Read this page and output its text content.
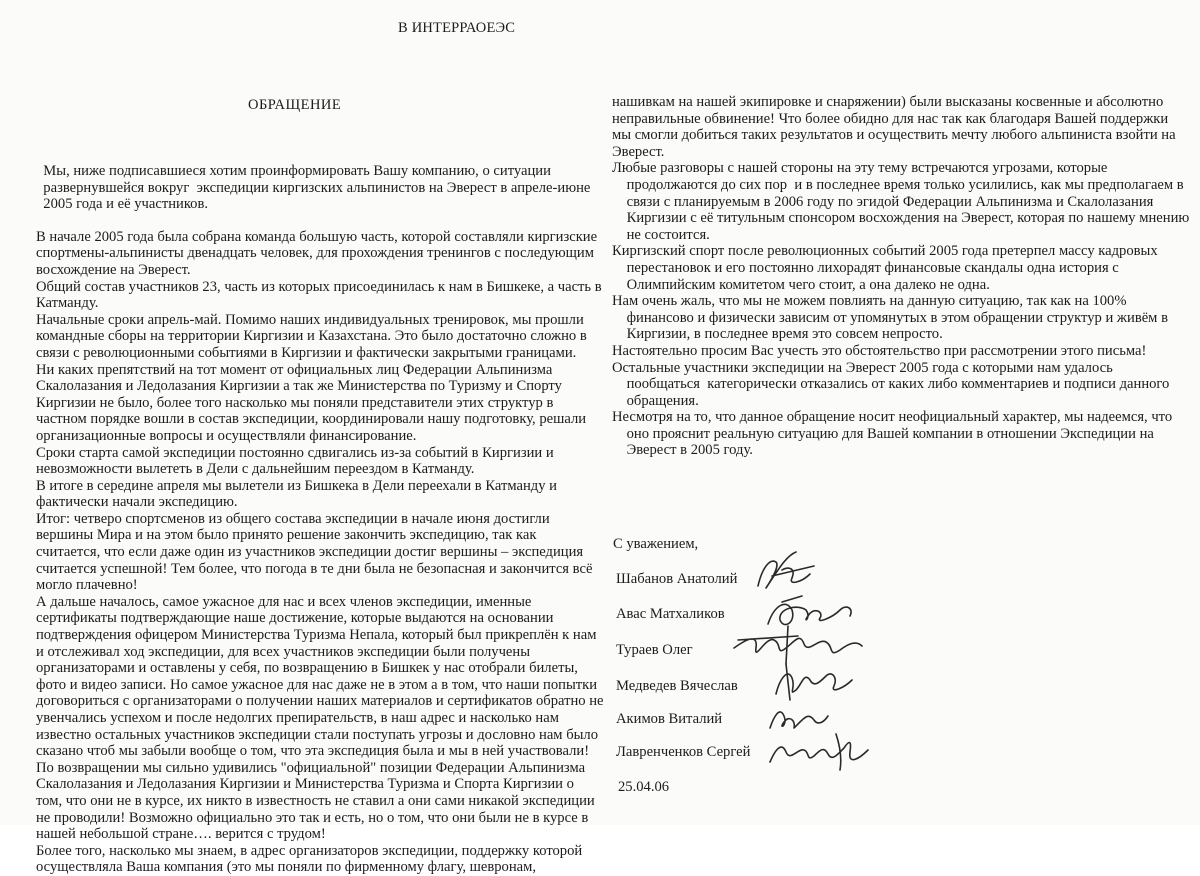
В ИНТЕРРАОЕЭС
ОБРАЩЕНИЕ
Мы, ниже подписавшиеся хотим проинформировать Вашу компанию, о ситуации
развернувшейся вокруг  экспедиции киргизских альпинистов на Эверест в апреле-июне
2005 года и её участников.
В начале 2005 года была собрана команда большую часть, которой составляли киргизские
спортмены-альпинисты двенадцать человек, для прохождения тренингов с последующим
восхождение на Эверест.
Общий состав участников 23, часть из которых присоединилась к нам в Бишкеке, а часть в
Катманду.
Начальные сроки апрель-май. Помимо наших индивидуальных тренировок, мы прошли
командные сборы на территории Киргизии и Казахстана. Это было достаточно сложно в
связи с революционными событиями в Киргизии и фактически закрытыми границами.
Ни каких препятствий на тот момент от официальных лиц Федерации Альпинизма
Скалолазания и Ледолазания Киргизии а так же Министерства по Туризму и Спорту
Киргизии не было, более того насколько мы поняли представители этих структур в
частном порядке вошли в состав экспедиции, координировали нашу подготовку, решали
организационные вопросы и осуществляли финансирование.
Сроки старта самой экспедиции постоянно сдвигались из-за событий в Киргизии и
невозможности вылететь в Дели с дальнейшим переездом в Катманду.
В итоге в середине апреля мы вылетели из Бишкека в Дели переехали в Катманду и
фактически начали экспедицию.
Итог: четверо спортсменов из общего состава экспедиции в начале июня достигли
вершины Мира и на этом было принято решение закончить экспедицию, так как
считается, что если даже один из участников экспедиции достиг вершины – экспедиция
считается успешной! Тем более, что погода в те дни была не безопасная и закончится всё
могло плачевно!
А дальше началось, самое ужасное для нас и всех членов экспедиции, именные
сертификаты подтверждающие наше достижение, которые выдаются на основании
подтверждения офицером Министерства Туризма Непала, который был прикреплён к нам
и отслеживал ход экспедиции, для всех участников экспедиции были получены
организаторами и оставлены у себя, по возвращению в Бишкек у нас отобрали билеты,
фото и видео записи. Но самое ужасное для нас даже не в этом а в том, что наши попытки
договориться с организаторами о получении наших материалов и сертификатов обратно не
увенчались успехом и после недолгих препирательств, в наш адрес и насколько нам
известно остальных участников экспедиции стали поступать угрозы и дословно нам было
сказано чтоб мы забыли вообще о том, что эта экспедиция была и мы в ней участвовали!
По возвращении мы сильно удивились "официальной" позиции Федерации Альпинизма
Скалолазания и Ледолазания Киргизии и Министерства Туризма и Спорта Киргизии о
том, что они не в курсе, их никто в известность не ставил а они сами никакой экспедиции
не проводили! Возможно официально это так и есть, но о том, что они были не в курсе в
нашей небольшой стране…. верится с трудом!
Более того, насколько мы знаем, в адрес организаторов экспедиции, поддержку которой
осуществляла Ваша компания (это мы поняли по фирменному флагу, шевронам,
нашивкам на нашей экипировке и снаряжении) были высказаны косвенные и абсолютно
неправильные обвинение! Что более обидно для нас так как благодаря Вашей поддержки
мы смогли добиться таких результатов и осуществить мечту любого альпиниста взойти на
Эверест.
Любые разговоры с нашей стороны на эту тему встречаются угрозами, которые
продолжаются до сих пор  и в последнее время только усилились, как мы предполагаем в
связи с планируемым в 2006 году по эгидой Федерации Альпинизма и Скалолазания
Киргизии с её титульным спонсором восхождения на Эверест, которая по нашему мнению
не состоится.
Киргизский спорт после революционных событий 2005 года претерпел массу кадровых
перестановок и его постоянно лихорадят финансовые скандалы одна история с
Олимпийским комитетом чего стоит, а она далеко не одна.
Нам очень жаль, что мы не можем повлиять на данную ситуацию, так как на 100%
финансово и физически зависим от упомянутых в этом обращении структур и живём в
Киргизии, в последнее время это совсем непросто.
Настоятельно просим Вас учесть это обстоятельство при рассмотрении этого письма!
Остальные участники экспедиции на Эверест 2005 года с которыми нам удалось
пообщаться  категорически отказались от каких либо комментариев и подписи данного
обращения.
Несмотря на то, что данное обращение носит неофициальный характер, мы надеемся, что
оно прояснит реальную ситуацию для Вашей компании в отношении Экспедиции на
Эверест в 2005 году.
С уважением,
Шабанов Анатолий
Авас Матхаликов
Тураев Олег
Медведев Вячеслав
Акимов Виталий
Лавренченков Сергей
25.04.06
